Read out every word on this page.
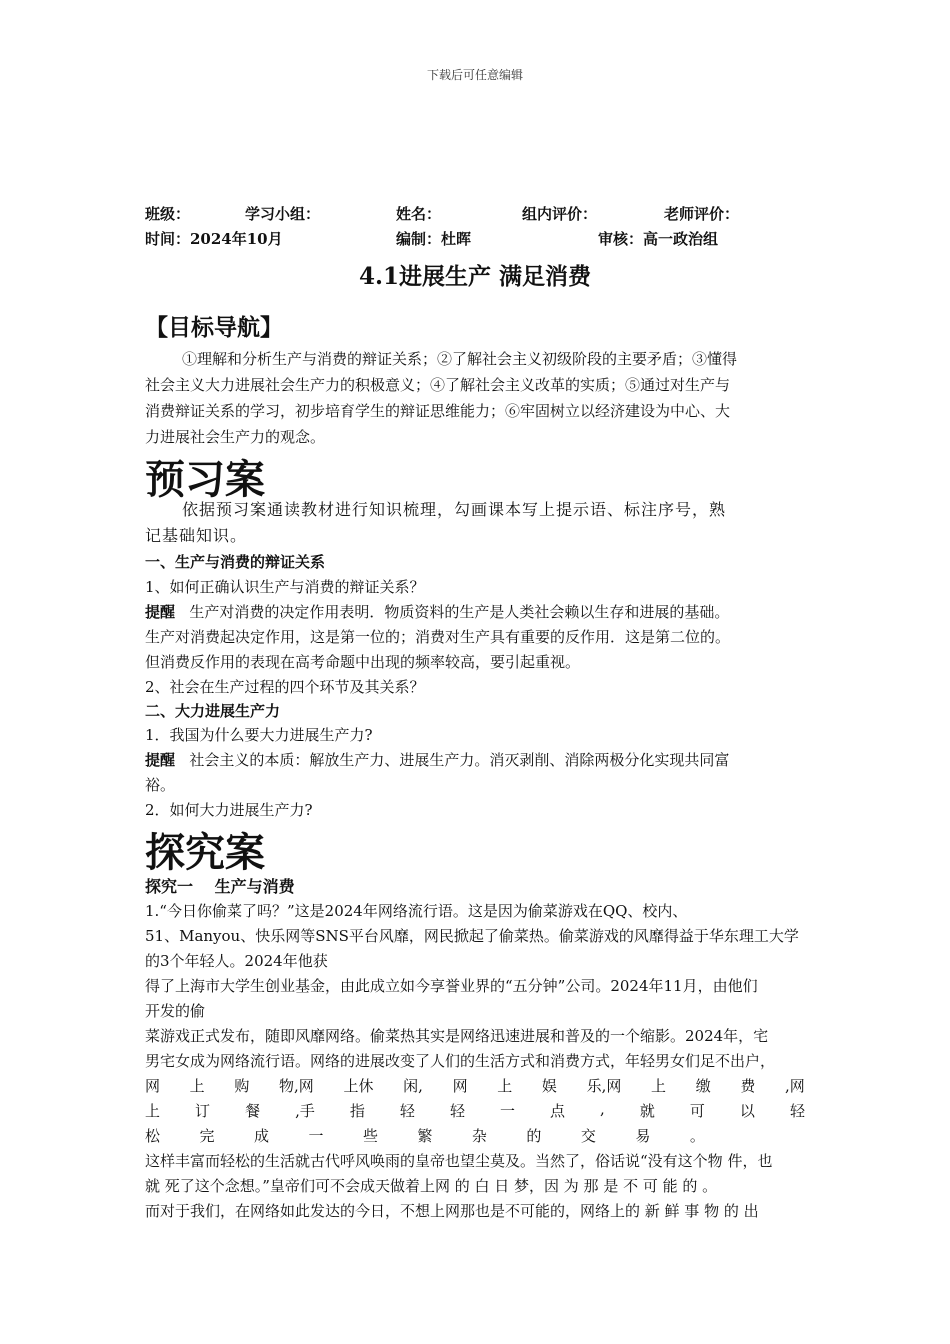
下载后可任意编辑
班级：	学习小组：	姓名：	组内评价：	老师评价：
时间：2024年10月	编制：杜晖	审核：高一政治组
4.1进展生产 满足消费
【目标导航】
①理解和分析生产与消费的辩证关系；②了解社会主义初级阶段的主要矛盾；③懂得
社会主义大力进展社会生产力的积极意义；④了解社会主义改革的实质；⑤通过对生产与
消费辩证关系的学习，初步培育学生的辩证思维能力；⑥牢固树立以经济建设为中心、大
力进展社会生产力的观念。
预习案
依据预习案通读教材进行知识梳理，勾画课本写上提示语、标注序号，熟
记基础知识。
一、生产与消费的辩证关系
1、如何正确认识生产与消费的辩证关系？
提醒 生产对消费的决定作用表明．物质资料的生产是人类社会赖以生存和进展的基础。
生产对消费起决定作用，这是第一位的；消费对生产具有重要的反作用．这是第二位的。
但消费反作用的表现在高考命题中出现的频率较高，要引起重视。
2、社会在生产过程的四个环节及其关系？
二、大力进展生产力
1．我国为什么要大力进展生产力?
提醒 社会主义的本质：解放生产力、进展生产力。消灭剥削、消除两极分化实现共同富
裕。
2．如何大力进展生产力?
探究案
探究一　 生产与消费
1.“今日你偷菜了吗？”这是2024年网络流行语。这是因为偷菜游戏在QQ、校内、
51、Manyou、快乐网等SNS平台风靡，网民掀起了偷菜热。偷菜游戏的风靡得益于华东理工大学
的3个年轻人。2024年他获
得了上海市大学生创业基金，由此成立如今享誉业界的“五分钟”公司。2024年11月，由他们
开发的偷
菜游戏正式发布，随即风靡网络。偷菜热其实是网络迅速进展和普及的一个缩影。2024年，宅
男宅女成为网络流行语。网络的进展改变了人们的生活方式和消费方式，年轻男女们足不出户，
网 上 购 物,网 上休 闲, 网 上 娱 乐,网 上 缴 费 ,网
上 订 餐 ,手 指 轻 轻 一 点 , 就 可 以 轻
松	完	成	一	些	繁	杂	的	交	易	。
这样丰富而轻松的生活就古代呼风唤雨的皇帝也望尘莫及。当然了，俗话说“没有这个物 件，也
就 死了这个念想。”皇帝们可不会成天做着上网 的 白 日 梦，因 为 那 是 不 可 能 的 。
而对于我们，在网络如此发达的今日，不想上网那也是不可能的，网络上的 新 鲜 事 物 的 出
